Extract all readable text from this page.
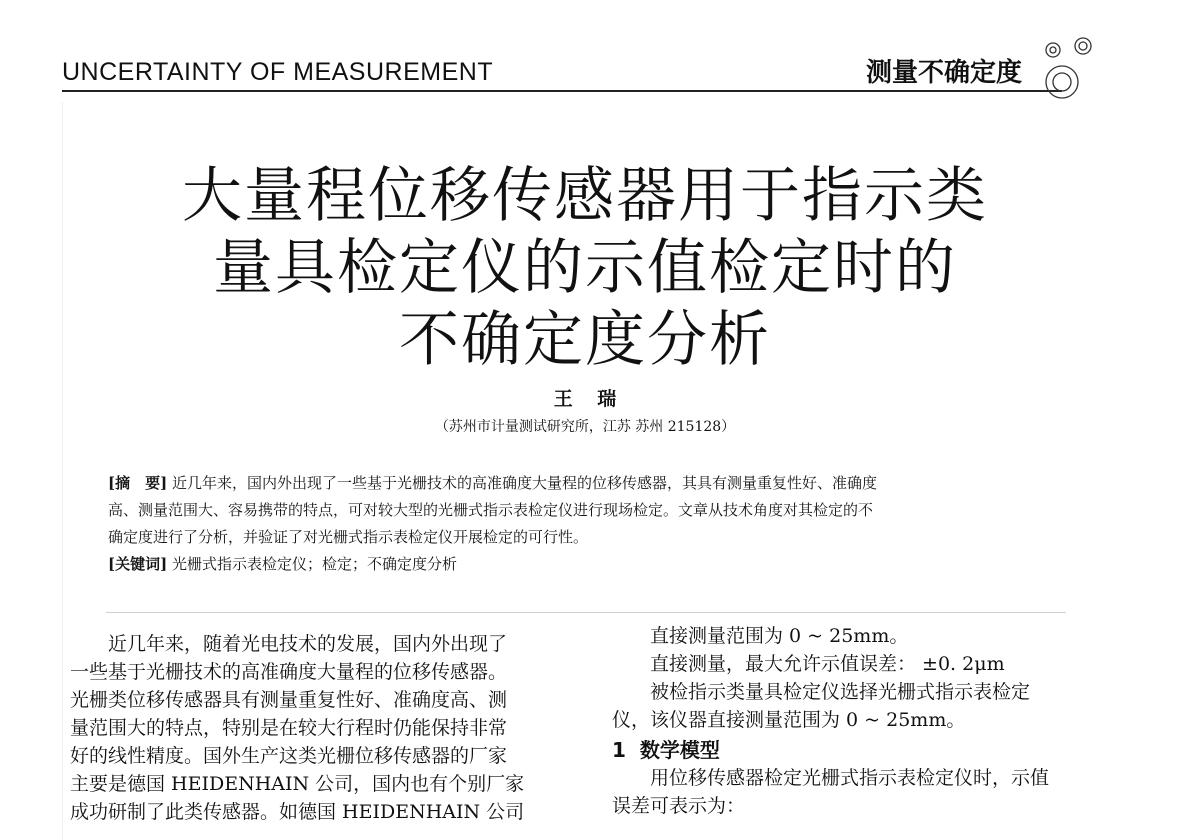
UNCERTAINTY OF MEASUREMENT	测量不确定度
大量程位移传感器用于指示类
量具检定仪的示值检定时的
不确定度分析
王 瑞
（苏州市计量测试研究所，江苏 苏州 215128）

[摘　要] 近几年来，国内外出现了一些基于光栅技术的高准确度大量程的位移传感器，其具有测量重复性好、准确度

高、测量范围大、容易携带的特点，可对较大型的光栅式指示表检定仪进行现场检定。文章从技术角度对其检定的不

确定度进行了分析，并验证了对光栅式指示表检定仪开展检定的可行性。

[关键词] 光栅式指示表检定仪；检定；不确定度分析

近几年来，随着光电技术的发展，国内外出现了

一些基于光栅技术的高准确度大量程的位移传感器。

光栅类位移传感器具有测量重复性好、准确度高、测

量范围大的特点，特别是在较大行程时仍能保持非常

好的线性精度。国外生产这类光栅位移传感器的厂家

主要是德国 HEIDENHAIN 公司，国内也有个别厂家

成功研制了此类传感器。如德国 HEIDENHAIN 公司

直接测量范围为 0 ~ 25mm。

直接测量，最大允许示值误差： ±0. 2μm

被检指示类量具检定仪选择光栅式指示表检定

仪，该仪器直接测量范围为 0 ~ 25mm。

1 数学模型

用位移传感器检定光栅式指示表检定仪时，示值

误差可表示为：
